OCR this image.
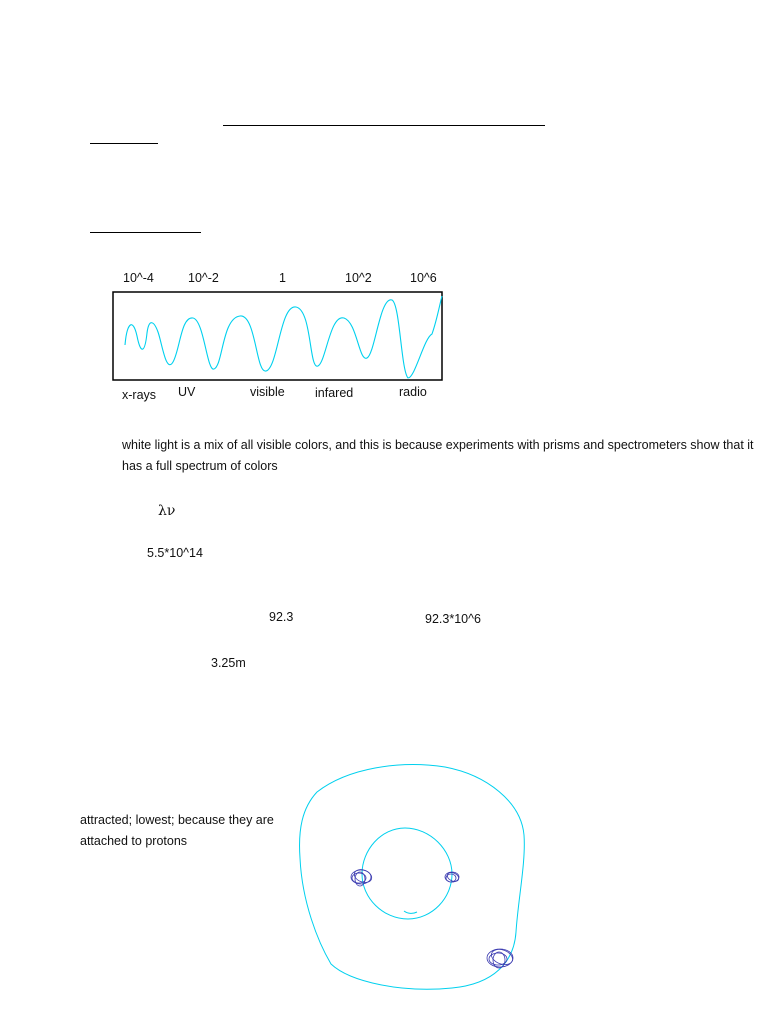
10^-4	10^-2	1	10^2	10^6
x-rays UV	visible infared	radio
white light is a mix of all visible colors, and this is because experiments with prisms and spectrometers show that it has a full spectrum of colors
λν
5.5*10^14
92.3	92.3*10^6
3.25m
attracted; lowest; because they are attached to protons
